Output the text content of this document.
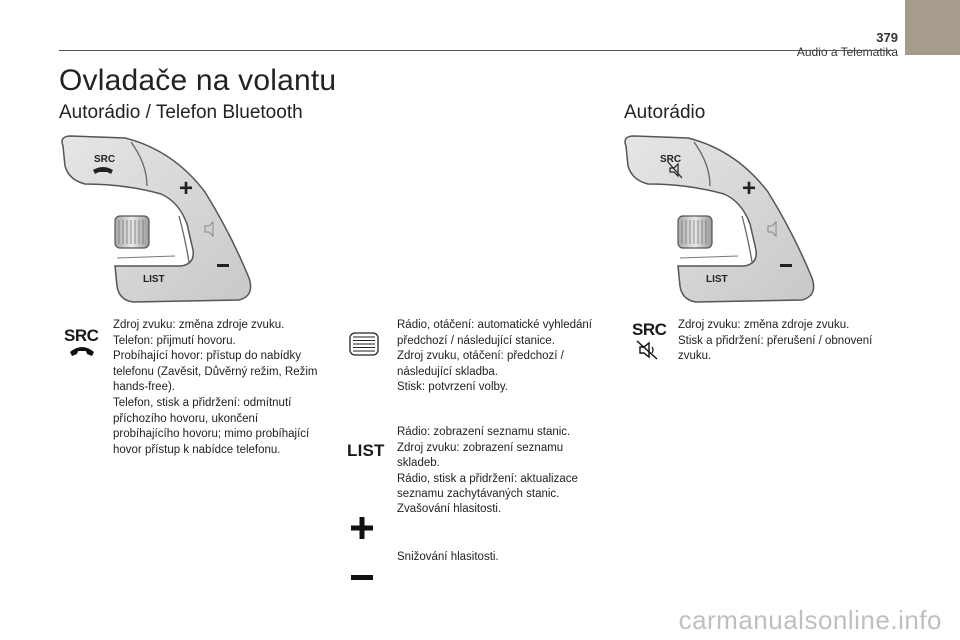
379
Audio a Telematika
Ovladače na volantu
Autorádio / Telefon Bluetooth	Autorádio
SRC
+
LIST
SRC
+
LIST
SRC
Zdroj zvuku: změna zdroje zvuku.
Telefon: přijmutí hovoru.
Probíhající hovor: přístup do nabídky telefonu (Zavěsit, Důvěrný režim, Režim hands-free).
Telefon, stisk a přidržení: odmítnutí příchozího hovoru, ukončení probíhajícího hovoru; mimo probíhající hovor přístup k nabídce telefonu.
Rádio, otáčení: automatické vyhledání předchozí / následující stanice.
Zdroj zvuku, otáčení: předchozí / následující skladba.
Stisk: potvrzení volby.
LIST
Rádio: zobrazení seznamu stanic.
Zdroj zvuku: zobrazení seznamu skladeb.
Rádio, stisk a přidržení: aktualizace seznamu zachytávaných stanic.
Zvašování hlasitosti.
Snižování hlasitosti.
SRC Zdroj zvuku: změna zdroje zvuku.
Stisk a přidržení: přerušení / obnovení zvuku.
carmanualsonline.info
